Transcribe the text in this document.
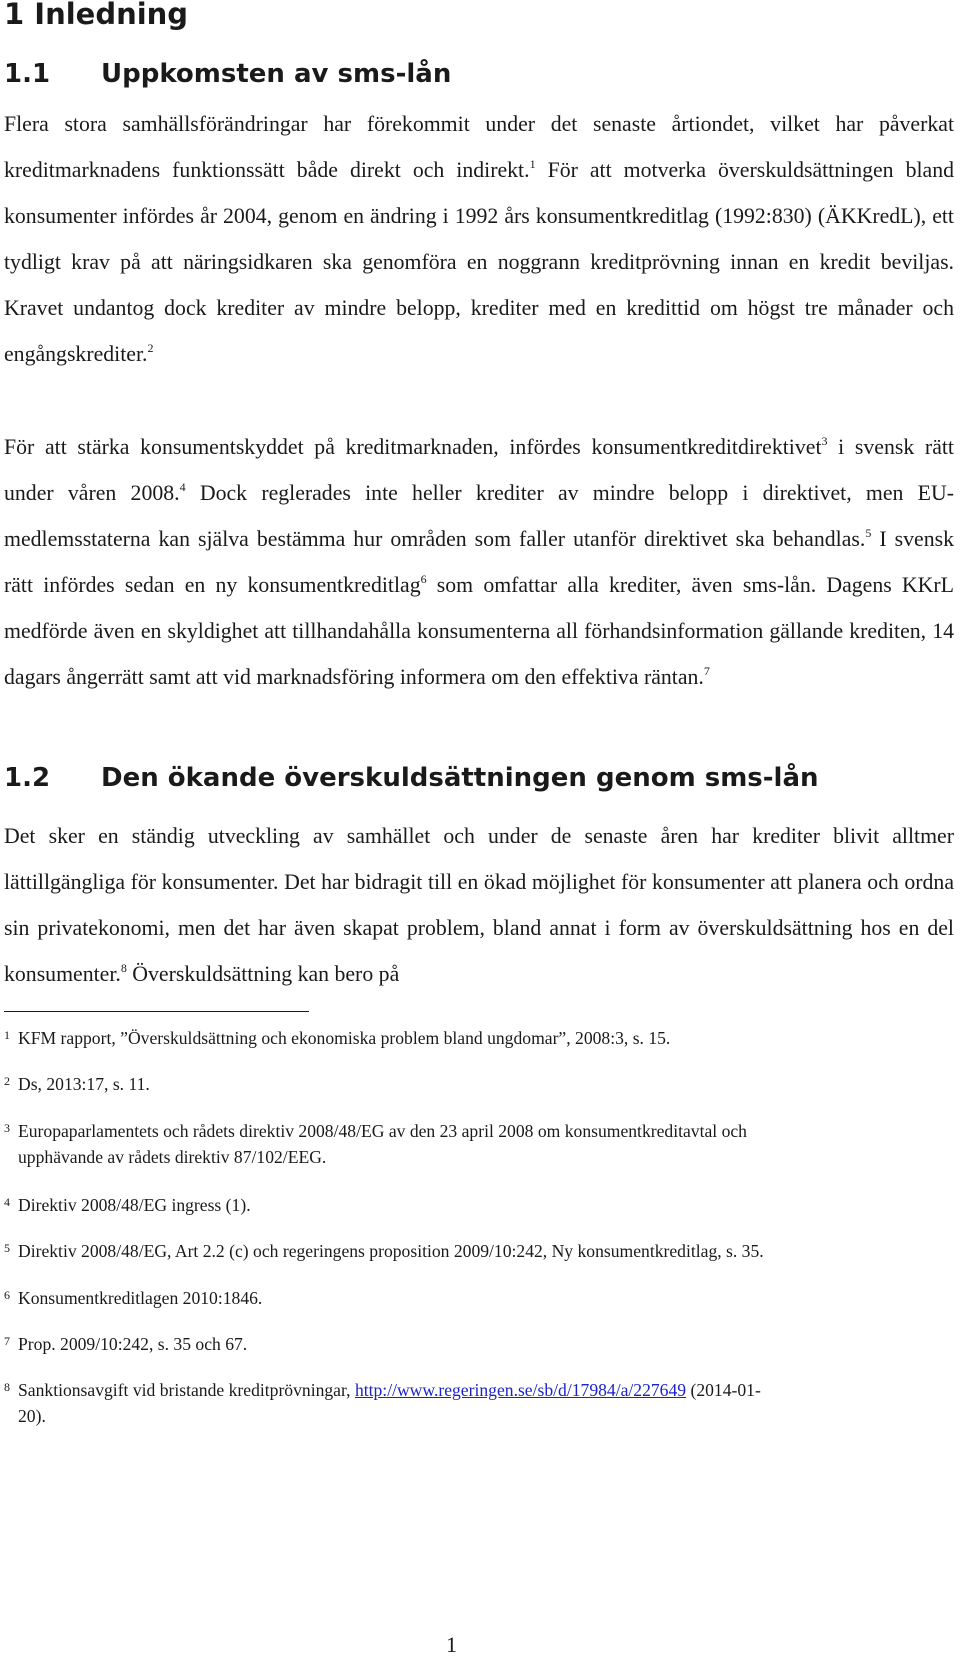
1 Inledning
1.1 Uppkomsten av sms-lån

Flera stora samhällsförändringar har förekommit under det senaste årtiondet, vilket har påverkat kreditmarknadens funktionssätt både direkt och indirekt.$^1$ För att motverka överskuldsättningen bland konsumenter infördes år 2004, genom en ändring i 1992 års konsumentkreditlag (1992:830) (ÄKKredL), ett tydligt krav på att näringsidkaren ska genomföra en noggrann kreditprövning innan en kredit beviljas. Kravet undantog dock krediter av mindre belopp, krediter med en kredittid om högst tre månader och engångskrediter.$^2$

För att stärka konsumentskyddet på kreditmarknaden, infördes konsumentkreditdirektivet$^3$ i svensk rätt under våren 2008.$^4$ Dock reglerades inte heller krediter av mindre belopp i direktivet, men EU-medlemsstaterna kan själva bestämma hur områden som faller utanför direktivet ska behandlas.$^5$ I svensk rätt infördes sedan en ny konsumentkreditlag$^6$ som omfattar alla krediter, även sms-lån. Dagens KKrL medförde även en skyldighet att tillhandahålla konsumenterna all förhandsinformation gällande krediten, 14 dagars ångerrätt samt att vid marknadsföring informera om den effektiva räntan.$^7$

1.2 Den ökande överskuldsättningen genom sms-lån

Det sker en ständig utveckling av samhället och under de senaste åren har krediter blivit alltmer lättillgängliga för konsumenter. Det har bidragit till en ökad möjlighet för konsumenter att planera och ordna sin privatekonomi, men det har även skapat problem, bland annat i form av överskuldsättning hos en del konsumenter.$^8$ Överskuldsättning kan bero på

1 KFM rapport, ”Överskuldsättning och ekonomiska problem bland ungdomar”, 2008:3, s. 15.

2 Ds, 2013:17, s. 11.

3 Europaparlamentets och rådets direktiv 2008/48/EG av den 23 april 2008 om konsumentkreditavtal och
upphävande av rådets direktiv 87/102/EEG.

4 Direktiv 2008/48/EG ingress (1).

5 Direktiv 2008/48/EG, Art 2.2 (c) och regeringens proposition 2009/10:242, Ny konsumentkreditlag, s. 35.

6 Konsumentkreditlagen 2010:1846.

7 Prop. 2009/10:242, s. 35 och 67.

8 Sanktionsavgift vid bristande kreditprövningar, http://www.regeringen.se/sb/d/17984/a/227649 (2014-01-
20).

1
